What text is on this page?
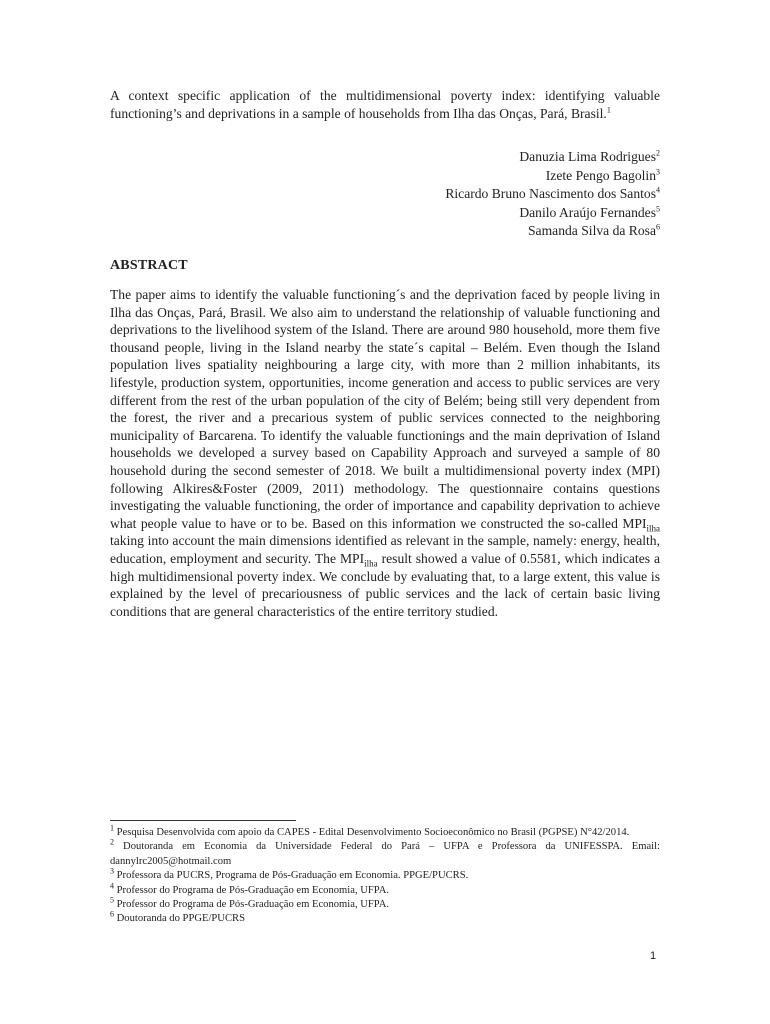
A context specific application of the multidimensional poverty index: identifying valuable functioning’s and deprivations in a sample of households from Ilha das Onças, Pará, Brasil.$^1$

Danuzia Lima Rodrigues$^2$
Izete Pengo Bagolin$^3$
Ricardo Bruno Nascimento dos Santos$^4$
Danilo Araújo Fernandes$^5$
Samanda Silva da Rosa$^6$
ABSTRACT

The paper aims to identify the valuable functioning´s and the deprivation faced by people living in Ilha das Onças, Pará, Brasil. We also aim to understand the relationship of valuable functioning and deprivations to the livelihood system of the Island. There are around 980 household, more them five thousand people, living in the Island nearby the state´s capital – Belém. Even though the Island population lives spatiality neighbouring a large city, with more than 2 million inhabitants, its lifestyle, production system, opportunities, income generation and access to public services are very different from the rest of the urban population of the city of Belém; being still very dependent from the forest, the river and a precarious system of public services connected to the neighboring municipality of Barcarena. To identify the valuable functionings and the main deprivation of Island households we developed a survey based on Capability Approach and surveyed a sample of 80 household during the second semester of 2018. We built a multidimensional poverty index (MPI) following Alkires&Foster (2009, 2011) methodology. The questionnaire contains questions investigating the valuable functioning, the order of importance and capability deprivation to achieve what people value to have or to be. Based on this information we constructed the so-called $MPI_{ilha}$ taking into account the main dimensions identified as relevant in the sample, namely: energy, health, education, employment and security. The $MPI_{ilha}$ result showed a value of 0.5581, which indicates a high multidimensional poverty index. We conclude by evaluating that, to a large extent, this value is explained by the level of precariousness of public services and the lack of certain basic living conditions that are general characteristics of the entire territory studied.

$^1$ Pesquisa Desenvolvida com apoio da CAPES - Edital Desenvolvimento Socioeconômico no Brasil (PGPSE) N°42/2014.
$^2$ Doutoranda em Economia da Universidade Federal do Pará – UFPA e Professora da UNIFESSPA. Email: dannylrc2005@hotmail.com
$^3$ Professora da PUCRS, Programa de Pós-Graduação em Economia. PPGE/PUCRS.
$^4$ Professor do Programa de Pós-Graduação em Economia, UFPA.
$^5$ Professor do Programa de Pós-Graduação em Economia, UFPA.
$^6$ Doutoranda do PPGE/PUCRS
1
